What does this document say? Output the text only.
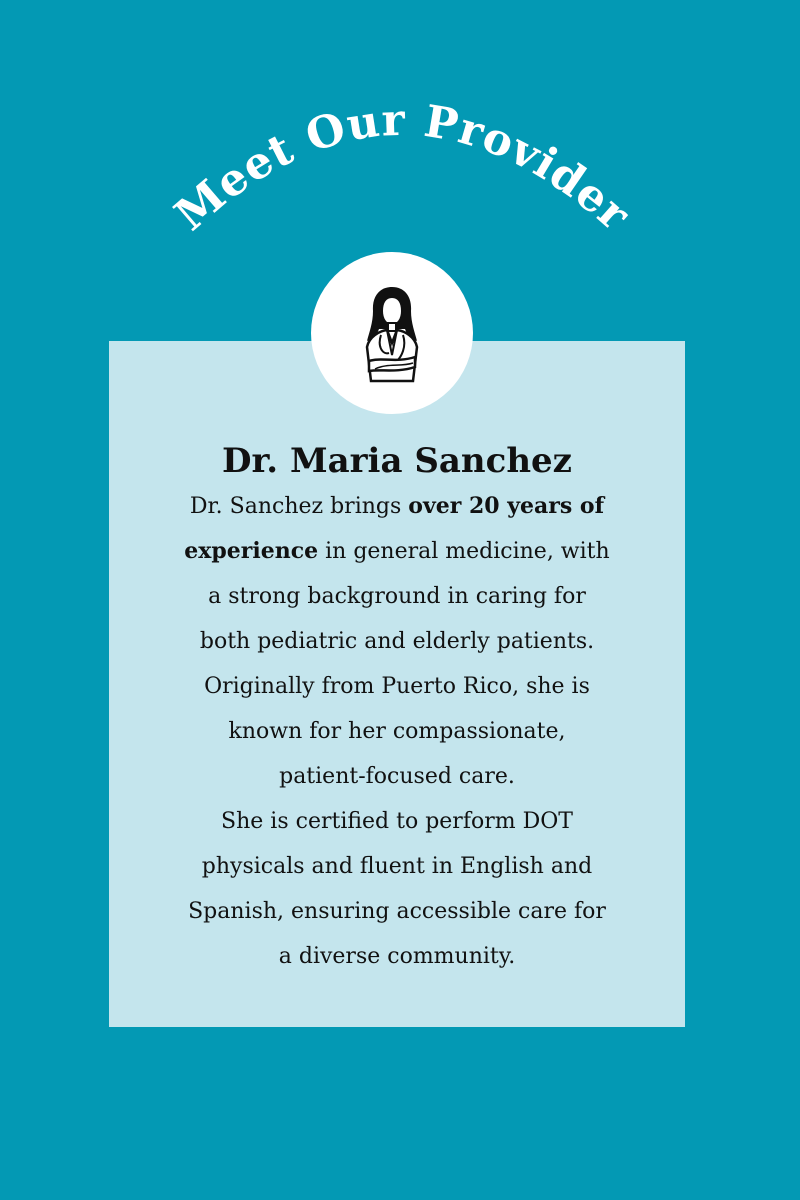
Meet Our Provider
Dr. Maria Sanchez
Dr. Sanchez brings over 20 years of
experience in general medicine, with
a strong background in caring for
both pediatric and elderly patients.
Originally from Puerto Rico, she is
known for her compassionate,
patient-focused care.
She is certified to perform DOT
physicals and fluent in English and
Spanish, ensuring accessible care for
a diverse community.
